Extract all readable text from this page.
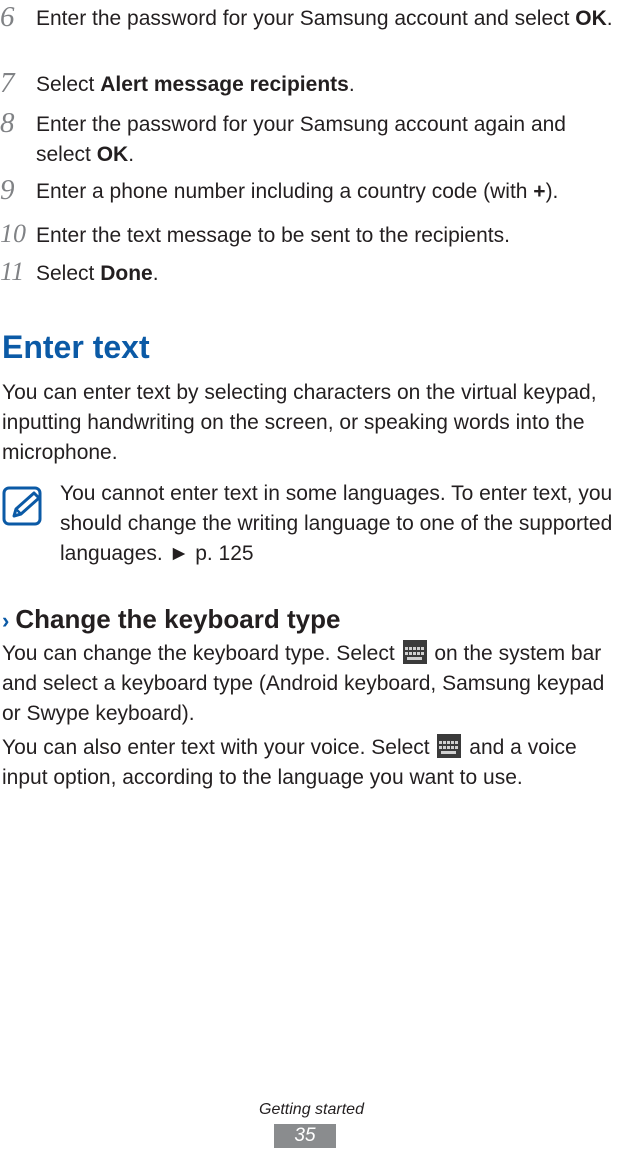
6	Enter the password for your Samsung account and select OK.
7	Select Alert message recipients.
8	Enter the password for your Samsung account again and select OK.
9	Enter a phone number including a country code (with +).
10 Enter the text message to be sent to the recipients.
11 Select Done.
Enter text
You can enter text by selecting characters on the virtual keypad, inputting handwriting on the screen, or speaking words into the microphone.
You cannot enter text in some languages. To enter text, you should change the writing language to one of the supported languages. ► p. 125
› Change the keyboard type
You can change the keyboard type. Select  on the system bar and select a keyboard type (Android keyboard, Samsung keypad or Swype keyboard).
You can also enter text with your voice. Select  and a voice input option, according to the language you want to use.
Getting started
35
